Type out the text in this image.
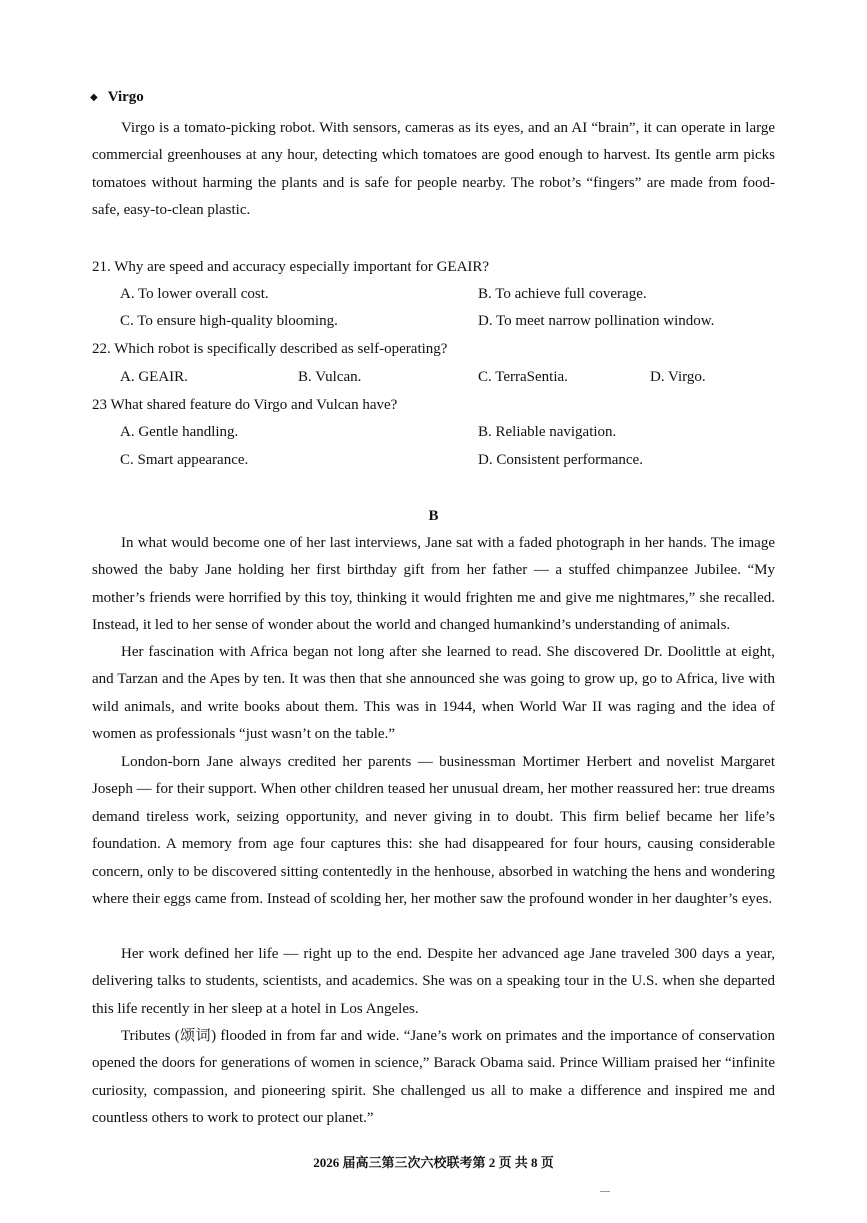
◆ Virgo
Virgo is a tomato-picking robot. With sensors, cameras as its eyes, and an AI “brain”, it can operate in large commercial greenhouses at any hour, detecting which tomatoes are good enough to harvest. Its gentle arm picks tomatoes without harming the plants and is safe for people nearby. The robot’s “fingers” are made from food-safe, easy-to-clean plastic.
21. Why are speed and accuracy especially important for GEAIR?
A. To lower overall cost.	B. To achieve full coverage.
C. To ensure high-quality blooming.	D. To meet narrow pollination window.
22. Which robot is specifically described as self-operating?
A. GEAIR.	B. Vulcan.	C. TerraSentia.	D. Virgo.
23 What shared feature do Virgo and Vulcan have?
A. Gentle handling.	B. Reliable navigation.
C. Smart appearance.	D. Consistent performance.
B
In what would become one of her last interviews, Jane sat with a faded photograph in her hands. The image showed the baby Jane holding her first birthday gift from her father — a stuffed chimpanzee Jubilee. “My mother’s friends were horrified by this toy, thinking it would frighten me and give me nightmares,” she recalled. Instead, it led to her sense of wonder about the world and changed humankind’s understanding of animals.
Her fascination with Africa began not long after she learned to read. She discovered Dr. Doolittle at eight, and Tarzan and the Apes by ten. It was then that she announced she was going to grow up, go to Africa, live with wild animals, and write books about them. This was in 1944, when World War II was raging and the idea of women as professionals “just wasn’t on the table.”
London-born Jane always credited her parents — businessman Mortimer Herbert and novelist Margaret Joseph — for their support. When other children teased her unusual dream, her mother reassured her: true dreams demand tireless work, seizing opportunity, and never giving in to doubt. This firm belief became her life’s foundation. A memory from age four captures this: she had disappeared for four hours, causing considerable concern, only to be discovered sitting contentedly in the henhouse, absorbed in watching the hens and wondering where their eggs came from. Instead of scolding her, her mother saw the profound wonder in her daughter’s eyes.
Her work defined her life — right up to the end. Despite her advanced age Jane traveled 300 days a year, delivering talks to students, scientists, and academics. She was on a speaking tour in the U.S. when she departed this life recently in her sleep at a hotel in Los Angeles.
Tributes (颂词) flooded in from far and wide. “Jane’s work on primates and the importance of conservation opened the doors for generations of women in science,” Barack Obama said. Prince William praised her “infinite curiosity, compassion, and pioneering spirit. She challenged us all to make a difference and inspired me and countless others to work to protect our planet.”
2026 届高三第三次六校联考第 2 页 共 8 页
